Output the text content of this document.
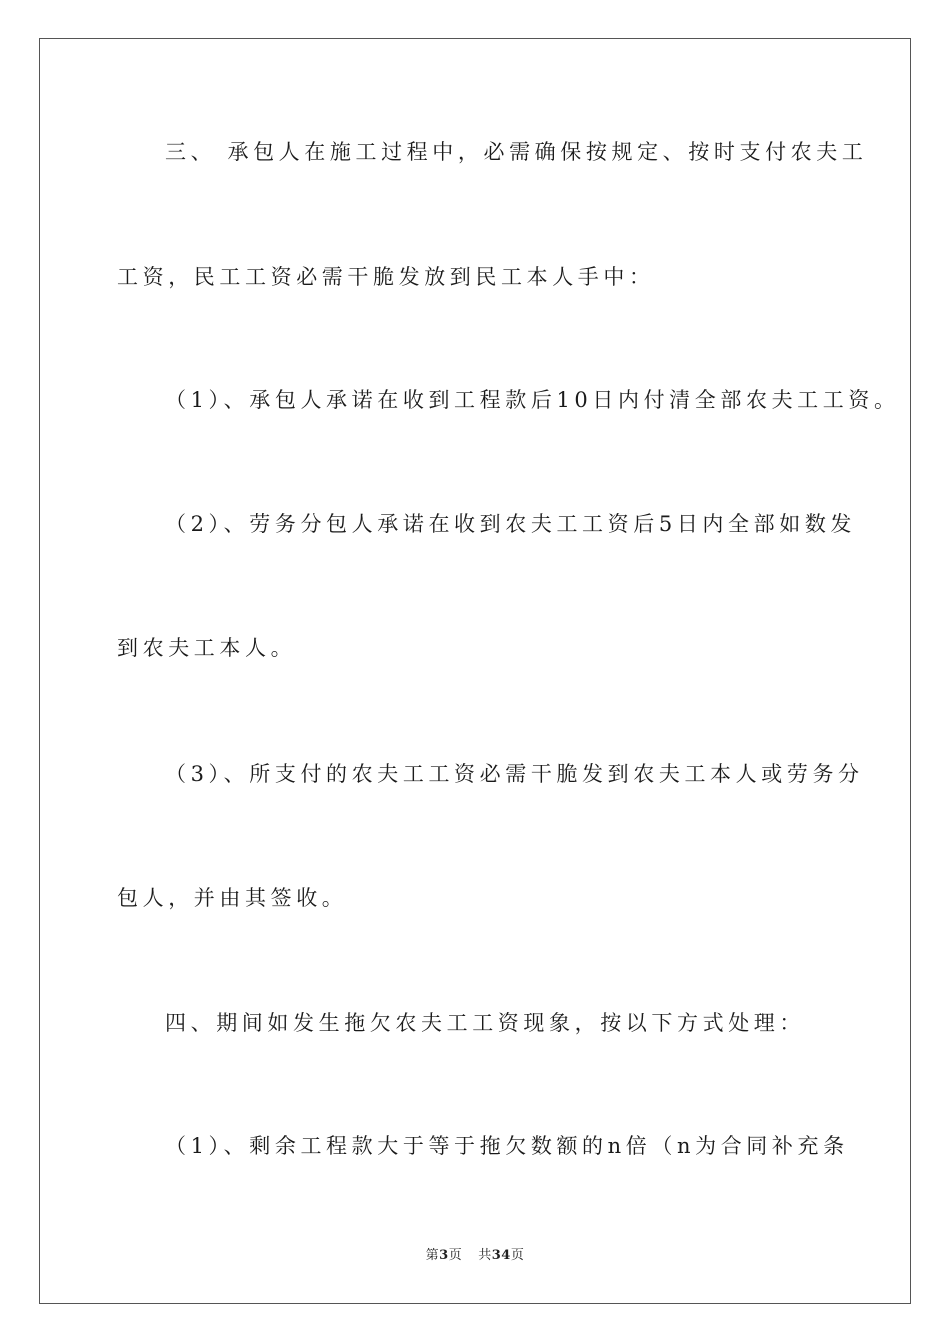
三、 承包人在施工过程中，必需确保按规定、按时支付农夫工
工资，民工工资必需干脆发放到民工本人手中：
（1）、承包人承诺在收到工程款后10日内付清全部农夫工工资。
（2）、劳务分包人承诺在收到农夫工工资后5日内全部如数发
到农夫工本人。
（3）、所支付的农夫工工资必需干脆发到农夫工本人或劳务分
包人，并由其签收。
四、期间如发生拖欠农夫工工资现象，按以下方式处理：
（1）、剩余工程款大于等于拖欠数额的n倍（n为合同补充条
第3页 共34页
